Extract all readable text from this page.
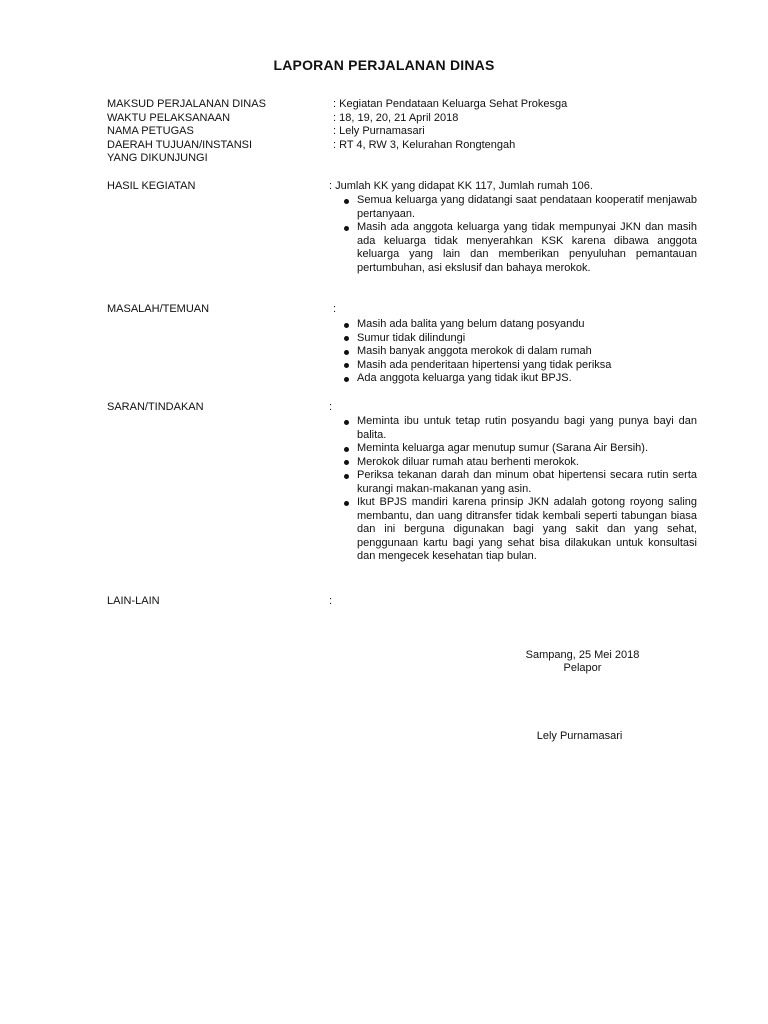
LAPORAN PERJALANAN DINAS
MAKSUD PERJALANAN DINAS	: Kegiatan Pendataan Keluarga Sehat Prokesga
WAKTU PELAKSANAAN	: 18, 19, 20, 21 April 2018
NAMA PETUGAS	: Lely Purnamasari
DAERAH TUJUAN/INSTANSI	: RT 4, RW 3, Kelurahan Rongtengah
YANG DIKUNJUNGI
HASIL KEGIATAN	: Jumlah KK yang didapat KK 117, Jumlah rumah 106.
Semua keluarga yang didatangi saat pendataan kooperatif menjawab pertanyaan.
Masih ada anggota keluarga yang tidak mempunyai JKN dan masih ada keluarga tidak menyerahkan KSK karena dibawa anggota keluarga yang lain dan memberikan penyuluhan pemantauan pertumbuhan, asi ekslusif dan bahaya merokok.
MASALAH/TEMUAN	:
Masih ada balita yang belum datang posyandu
Sumur tidak dilindungi
Masih banyak anggota merokok di dalam rumah
Masih ada penderitaan hipertensi yang tidak periksa
Ada anggota keluarga yang tidak ikut BPJS.
SARAN/TINDAKAN	:
Meminta ibu untuk tetap rutin posyandu bagi yang punya bayi dan balita.
Meminta keluarga agar menutup sumur (Sarana Air Bersih).
Merokok diluar rumah atau berhenti merokok.
Periksa tekanan darah dan minum obat hipertensi secara rutin serta kurangi makan-makanan yang asin.
Ikut BPJS mandiri karena prinsip JKN adalah gotong royong saling membantu, dan uang ditransfer tidak kembali seperti tabungan biasa dan ini berguna digunakan bagi yang sakit dan yang sehat, penggunaan kartu bagi yang sehat bisa dilakukan untuk konsultasi dan mengecek kesehatan tiap bulan.
LAIN-LAIN	:
Sampang, 25 Mei 2018
Pelapor
Lely Purnamasari
